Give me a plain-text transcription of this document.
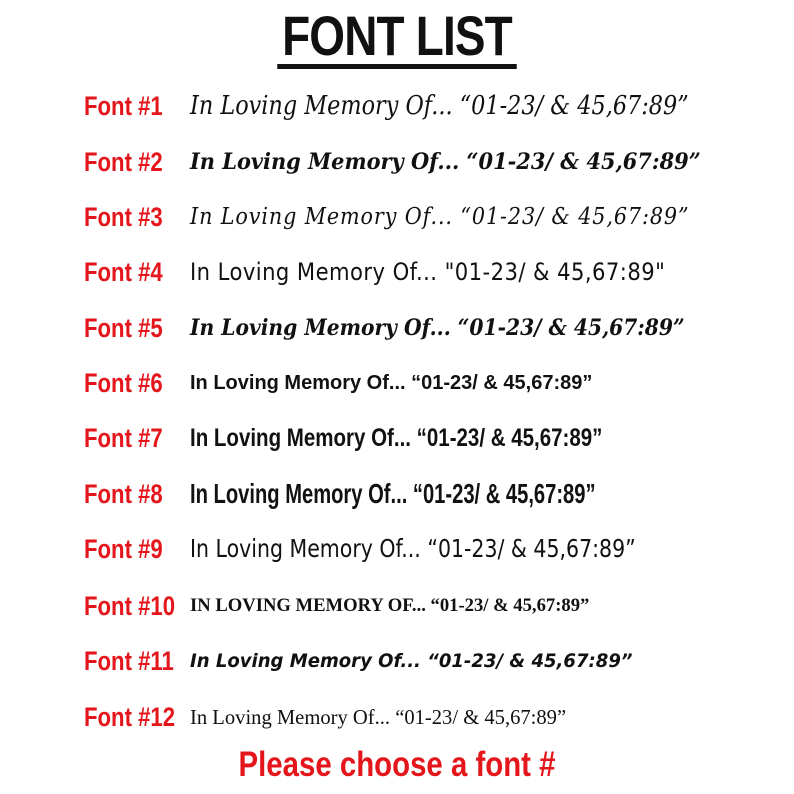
FONT LIST
Font #1 In Loving Memory Of... “01-23/ & 45,67:89”
Font #2 In Loving Memory Of... “01-23/ & 45,67:89”
Font #3 In Loving Memory Of... “01-23/ & 45,67:89”
Font #4 In Loving Memory Of... "01-23/ & 45,67:89"
Font #5 In Loving Memory Of... “01-23/ & 45,67:89”
Font #6 In Loving Memory Of... “01-23/ & 45,67:89”
Font #7 In Loving Memory Of... “01-23/ & 45,67:89”
Font #8 In Loving Memory Of... “01-23/ & 45,67:89”
Font #9 In Loving Memory Of... “01-23/ & 45,67:89”
Font #10 IN LOVING MEMORY OF... “01-23/ & 45,67:89”
Font #11 In Loving Memory Of... “01-23/ & 45,67:89”
Font #12 In Loving Memory Of... “01-23/ & 45,67:89”
Please choose a font #
